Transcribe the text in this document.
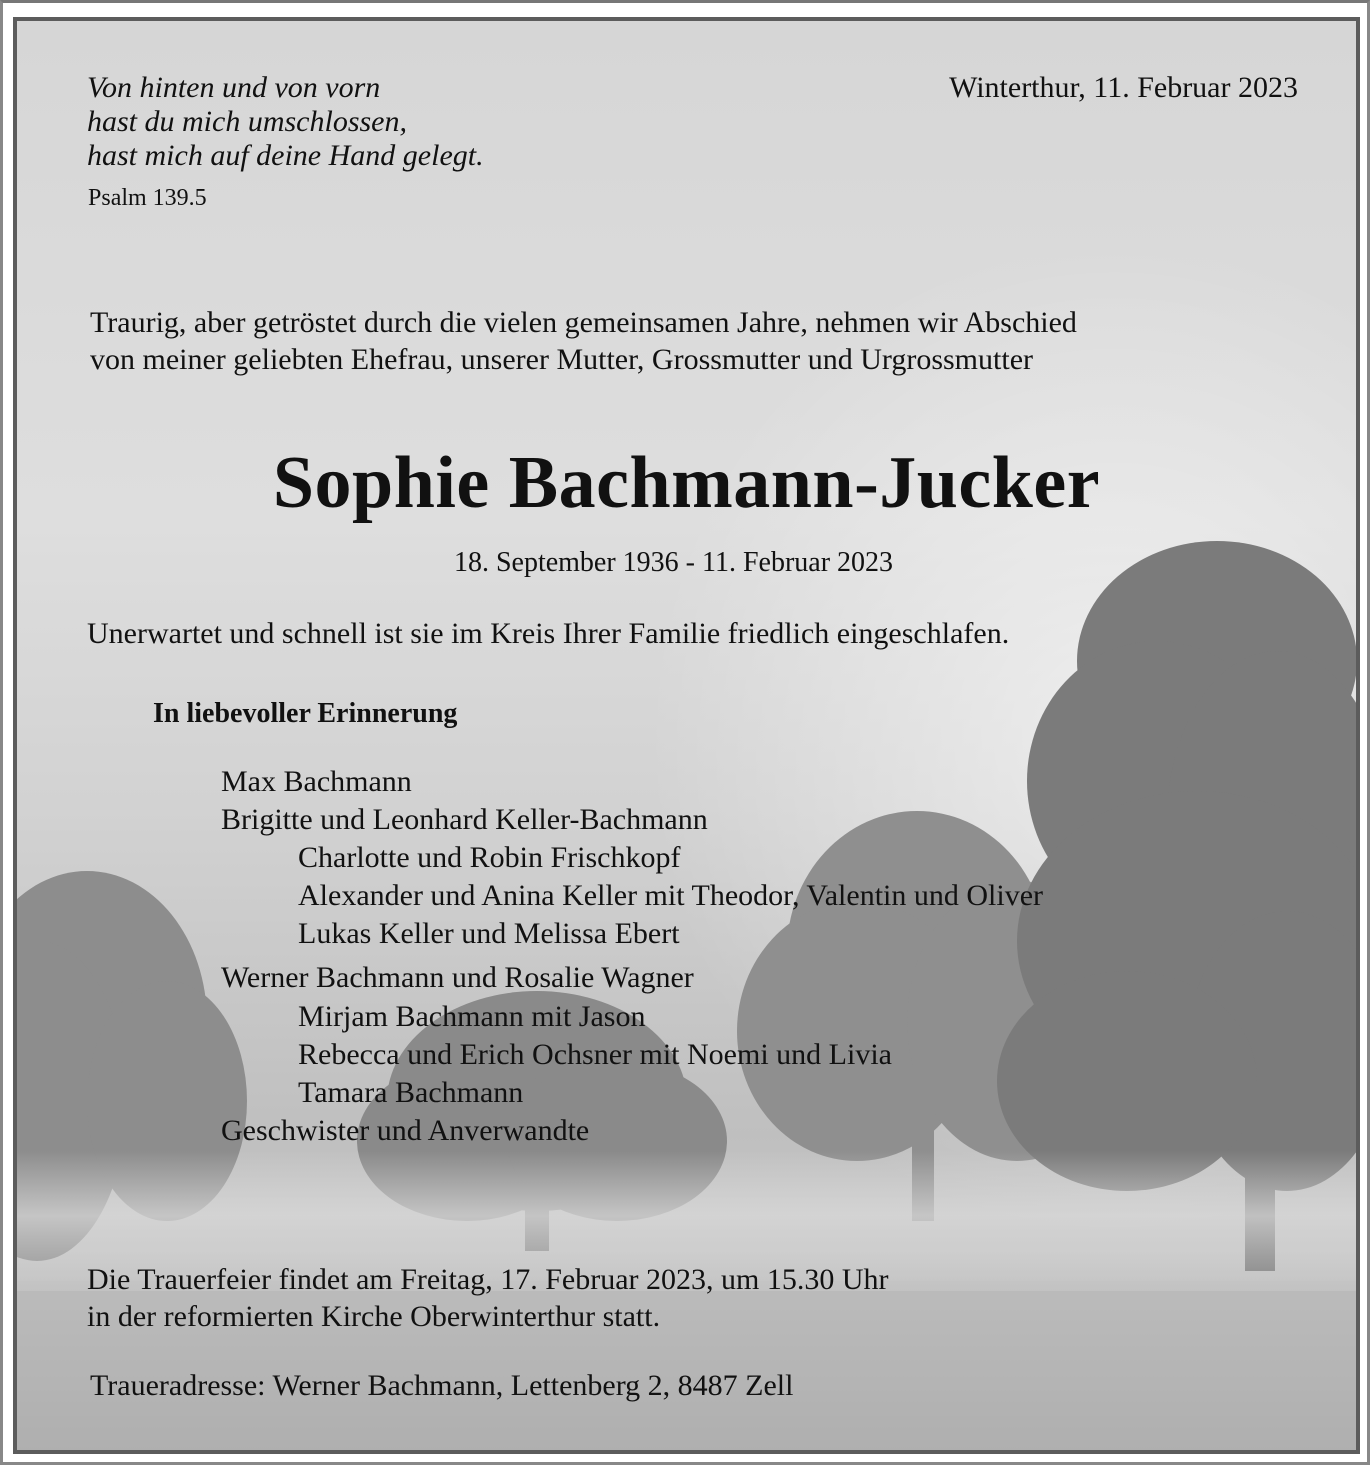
Von hinten und von vorn
hast du mich umschlossen,
hast mich auf deine Hand gelegt.

Psalm 139.5

Winterthur, 11. Februar 2023

Traurig, aber getröstet durch die vielen gemeinsamen Jahre, nehmen wir Abschied
von meiner geliebten Ehefrau, unserer Mutter, Grossmutter und Urgrossmutter

Sophie Bachmann-Jucker

18. September 1936 - 11. Februar 2023

Unerwartet und schnell ist sie im Kreis Ihrer Familie friedlich eingeschlafen.

In liebevoller Erinnerung

Max Bachmann

Brigitte und Leonhard Keller-Bachmann

Charlotte und Robin Frischkopf

Alexander und Anina Keller mit Theodor, Valentin und Oliver

Lukas Keller und Melissa Ebert

Werner Bachmann und Rosalie Wagner

Mirjam Bachmann mit Jason

Rebecca und Erich Ochsner mit Noemi und Livia

Tamara Bachmann

Geschwister und Anverwandte

Die Trauerfeier findet am Freitag, 17. Februar 2023, um 15.30 Uhr
in der reformierten Kirche Oberwinterthur statt.

Traueradresse: Werner Bachmann, Lettenberg 2, 8487 Zell
